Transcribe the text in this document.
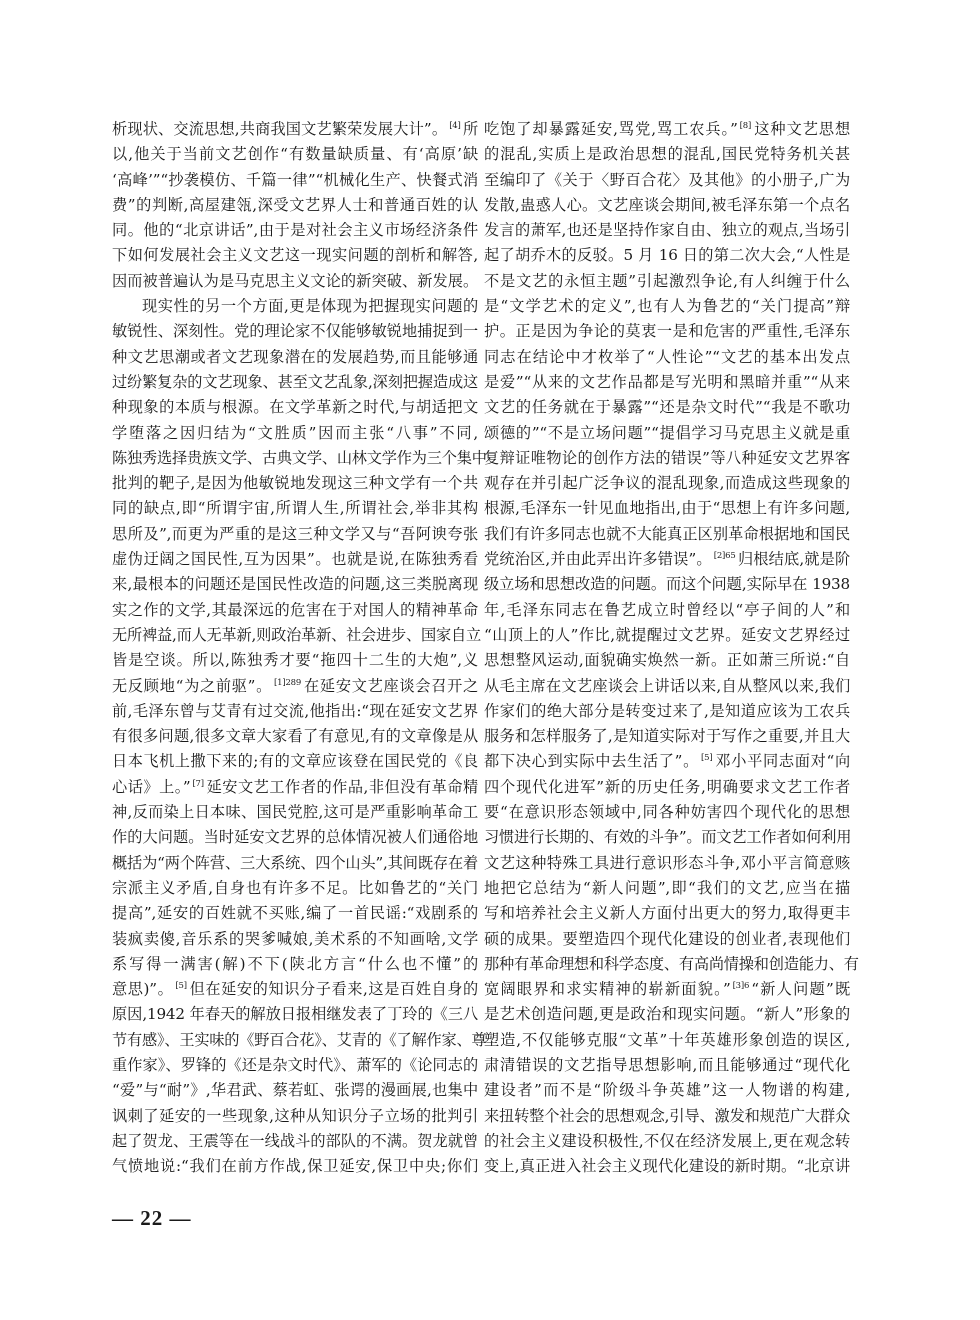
析现状、交流思想,共商我国文艺繁荣发展大计”。 [4] 所
以,他关于当前文艺创作“有数量缺质量、有‘高原’缺
‘高峰’”“抄袭模仿、千篇一律”“机械化生产、快餐式消
费”的判断,高屋建瓴,深受文艺界人士和普通百姓的认
同。他的“北京讲话”,由于是对社会主义市场经济条件
下如何发展社会主义文艺这一现实问题的剖析和解答,
因而被普遍认为是马克思主义文论的新突破、新发展。
现实性的另一个方面,更是体现为把握现实问题的
敏锐性、深刻性。党的理论家不仅能够敏锐地捕捉到一
种文艺思潮或者文艺现象潜在的发展趋势,而且能够通
过纷繁复杂的文艺现象、甚至文艺乱象,深刻把握造成这
种现象的本质与根源。在文学革新之时代,与胡适把文
学堕落之因归结为“文胜质”因而主张“八事”不同,
陈独秀选择贵族文学、古典文学、山林文学作为三个集中
批判的靶子,是因为他敏锐地发现这三种文学有一个共
同的缺点,即“所谓宇宙,所谓人生,所谓社会,举非其构
思所及”,而更为严重的是这三种文学又与“吾阿谀夸张
虚伪迂阔之国民性,互为因果”。也就是说,在陈独秀看
来,最根本的问题还是国民性改造的问题,这三类脱离现
实之作的文学,其最深远的危害在于对国人的精神革命
无所裨益,而人无革新,则政治革新、社会进步、国家自立
皆是空谈。所以,陈独秀才要“拖四十二生的大炮”,义
无反顾地“为之前驱”。 $^{[1]289}$ 在延安文艺座谈会召开之
前,毛泽东曾与艾青有过交流,他指出:“现在延安文艺界
有很多问题,很多文章大家看了有意见,有的文章像是从
日本飞机上撒下来的;有的文章应该登在国民党的《良
心话》上。” [7] 延安文艺工作者的作品,非但没有革命精
神,反而染上日本味、国民党腔,这可是严重影响革命工
作的大问题。当时延安文艺界的总体情况被人们通俗地
概括为“两个阵营、三大系统、四个山头”,其间既存在着
宗派主义矛盾,自身也有许多不足。比如鲁艺的“关门
提高”,延安的百姓就不买账,编了一首民谣:“戏剧系的
装疯卖傻,音乐系的哭爹喊娘,美术系的不知画啥,文学
系写得一满害(解)不下(陕北方言“什么也不懂”的
意思)”。 [5] 但在延安的知识分子看来,这是百姓自身的
原因,1942 年春天的解放日报相继发表了丁玲的《三八
节有感》、王实味的《野百合花》、艾青的《了解作家、尊
重作家》、罗锋的《还是杂文时代》、萧军的《论同志的
“爱”与“耐”》,华君武、蔡若虹、张谔的漫画展,也集中
讽刺了延安的一些现象,这种从知识分子立场的批判引
起了贺龙、王震等在一线战斗的部队的不满。贺龙就曾
气愤地说:“我们在前方作战,保卫延安,保卫中央;你们
吃饱了却暴露延安,骂党,骂工农兵。” [8] 这种文艺思想
的混乱,实质上是政治思想的混乱,国民党特务机关甚
至编印了《关于〈野百合花〉及其他》的小册子,广为
发散,蛊惑人心。文艺座谈会期间,被毛泽东第一个点名
发言的萧军,也还是坚持作家自由、独立的观点,当场引
起了胡乔木的反驳。5 月 16 日的第二次大会,“人性是
不是文艺的永恒主题”引起激烈争论,有人纠缠于什么
是“文学艺术的定义”,也有人为鲁艺的“关门提高”辩
护。正是因为争论的莫衷一是和危害的严重性,毛泽东
同志在结论中才枚举了“人性论”“文艺的基本出发点
是爱”“从来的文艺作品都是写光明和黑暗并重”“从来
文艺的任务就在于暴露”“还是杂文时代”“我是不歌功
颂德的”“不是立场问题”“提倡学习马克思主义就是重
复辩证唯物论的创作方法的错误”等八种延安文艺界客
观存在并引起广泛争议的混乱现象,而造成这些现象的
根源,毛泽东一针见血地指出,由于“思想上有许多问题,
我们有许多同志也就不大能真正区别革命根据地和国民
党统治区,并由此弄出许多错误”。 $^{[2]65}$ 归根结底,就是阶
级立场和思想改造的问题。而这个问题,实际早在 1938
年,毛泽东同志在鲁艺成立时曾经以“亭子间的人”和
“山顶上的人”作比,就提醒过文艺界。延安文艺界经过
思想整风运动,面貌确实焕然一新。正如萧三所说:“自
从毛主席在文艺座谈会上讲话以来,自从整风以来,我们
作家们的绝大部分是转变过来了,是知道应该为工农兵
服务和怎样服务了,是知道实际对于写作之重要,并且大
都下决心到实际中去生活了”。 [5] 邓小平同志面对“向
四个现代化进军”新的历史任务,明确要求文艺工作者
要“在意识形态领域中,同各种妨害四个现代化的思想
习惯进行长期的、有效的斗争”。而文艺工作者如何利用
文艺这种特殊工具进行意识形态斗争,邓小平言简意赅
地把它总结为“新人问题”,即“我们的文艺,应当在描
写和培养社会主义新人方面付出更大的努力,取得更丰
硕的成果。要塑造四个现代化建设的创业者,表现他们
那种有革命理想和科学态度、有高尚情操和创造能力、有
宽阔眼界和求实精神的崭新面貌。” $^{[3]6}$ “新人问题”既
是艺术创造问题,更是政治和现实问题。“新人”形象的
塑造,不仅能够克服“文革”十年英雄形象创造的误区,
肃清错误的文艺指导思想影响,而且能够通过“现代化
建设者”而不是“阶级斗争英雄”这一人物谱的构建,
来扭转整个社会的思想观念,引导、激发和规范广大群众
的社会主义建设积极性,不仅在经济发展上,更在观念转
变上,真正进入社会主义现代化建设的新时期。“北京讲
— 22 —
